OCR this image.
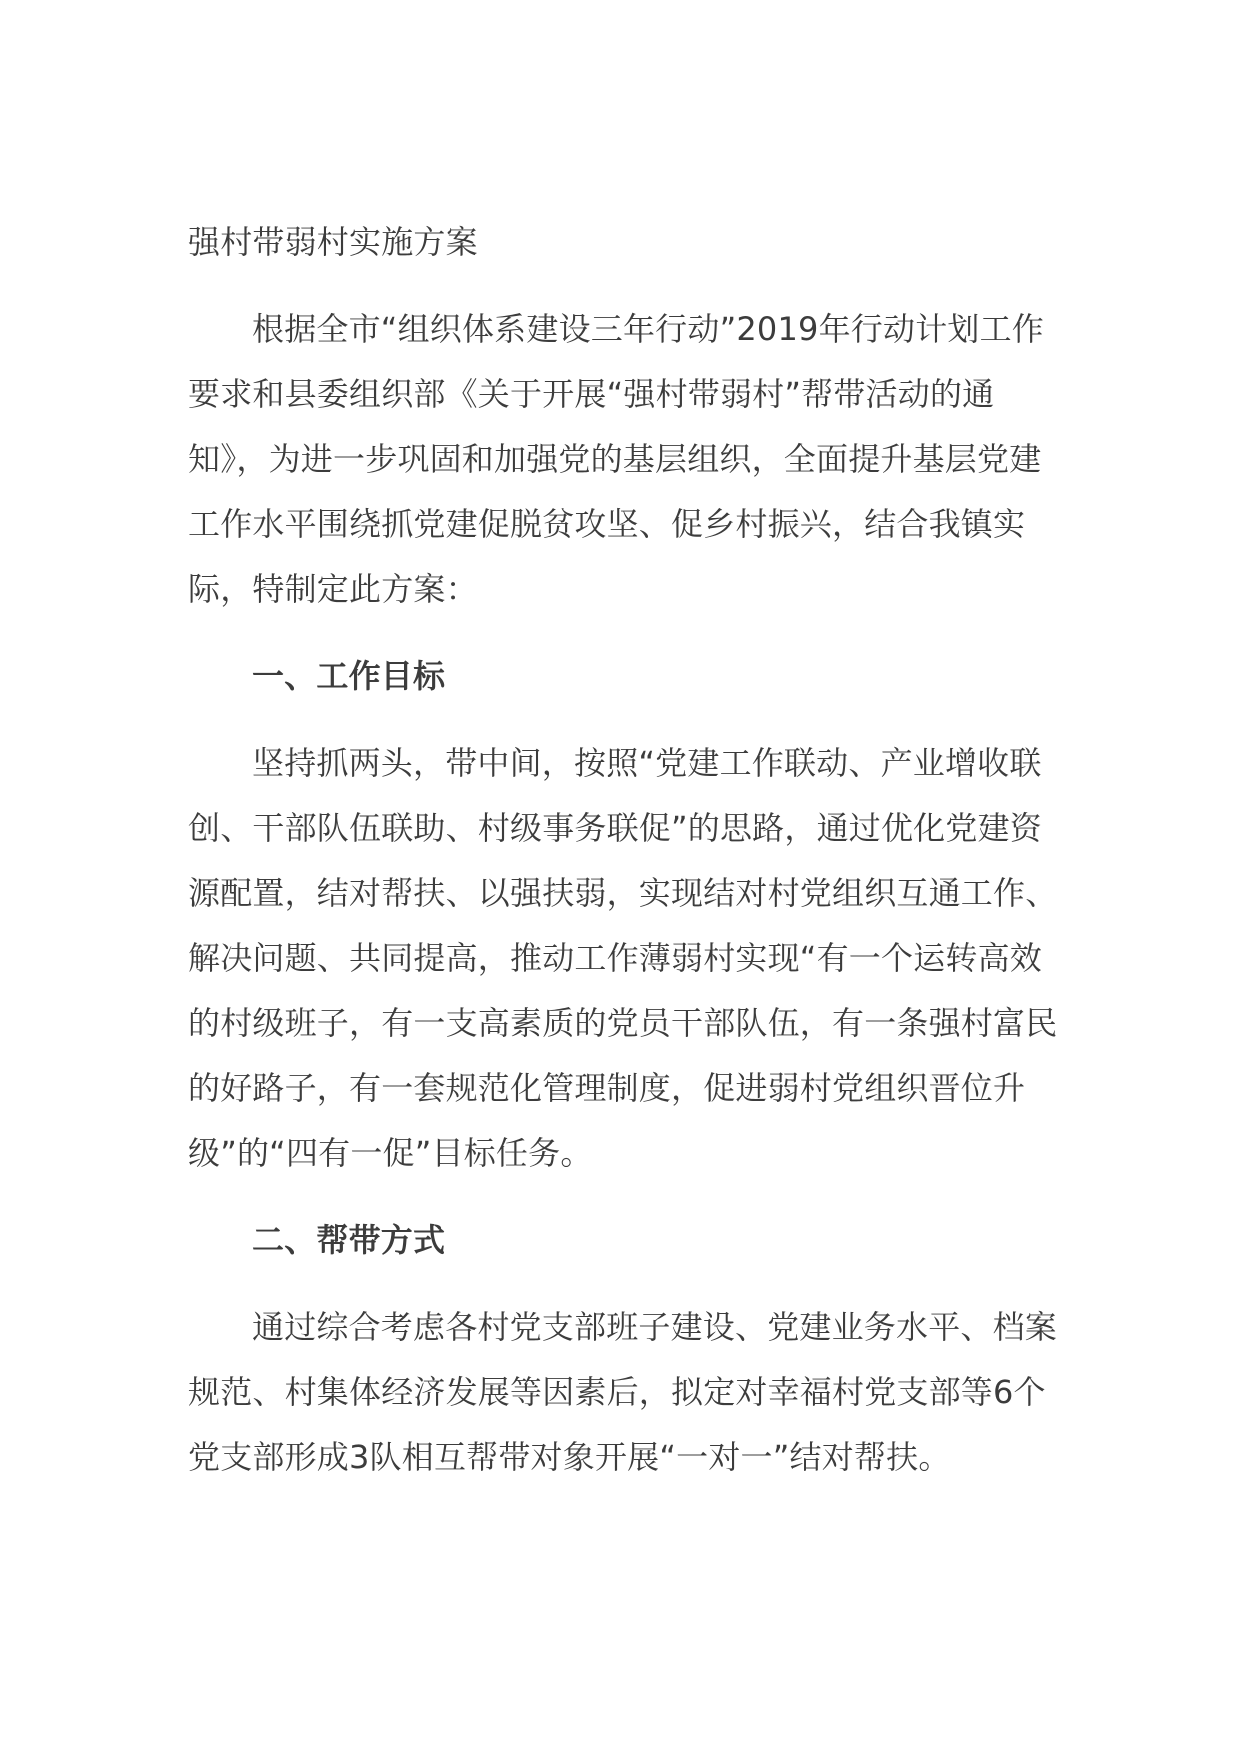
强村带弱村实施方案

根据全市“组织体系建设三年行动”2019年行动计划工作要求和县委组织部《关于开展“强村带弱村”帮带活动的通知》，为进一步巩固和加强党的基层组织，全面提升基层党建工作水平围绕抓党建促脱贫攻坚、促乡村振兴，结合我镇实际，特制定此方案：

一、工作目标

坚持抓两头，带中间，按照“党建工作联动、产业增收联创、干部队伍联助、村级事务联促”的思路，通过优化党建资源配置，结对帮扶、以强扶弱，实现结对村党组织互通工作、解决问题、共同提高，推动工作薄弱村实现“有一个运转高效的村级班子，有一支高素质的党员干部队伍，有一条强村富民的好路子，有一套规范化管理制度，促进弱村党组织晋位升级”的“四有一促”目标任务。

二、帮带方式

通过综合考虑各村党支部班子建设、党建业务水平、档案规范、村集体经济发展等因素后，拟定对幸福村党支部等6个党支部形成3队相互帮带对象开展“一对一”结对帮扶。
